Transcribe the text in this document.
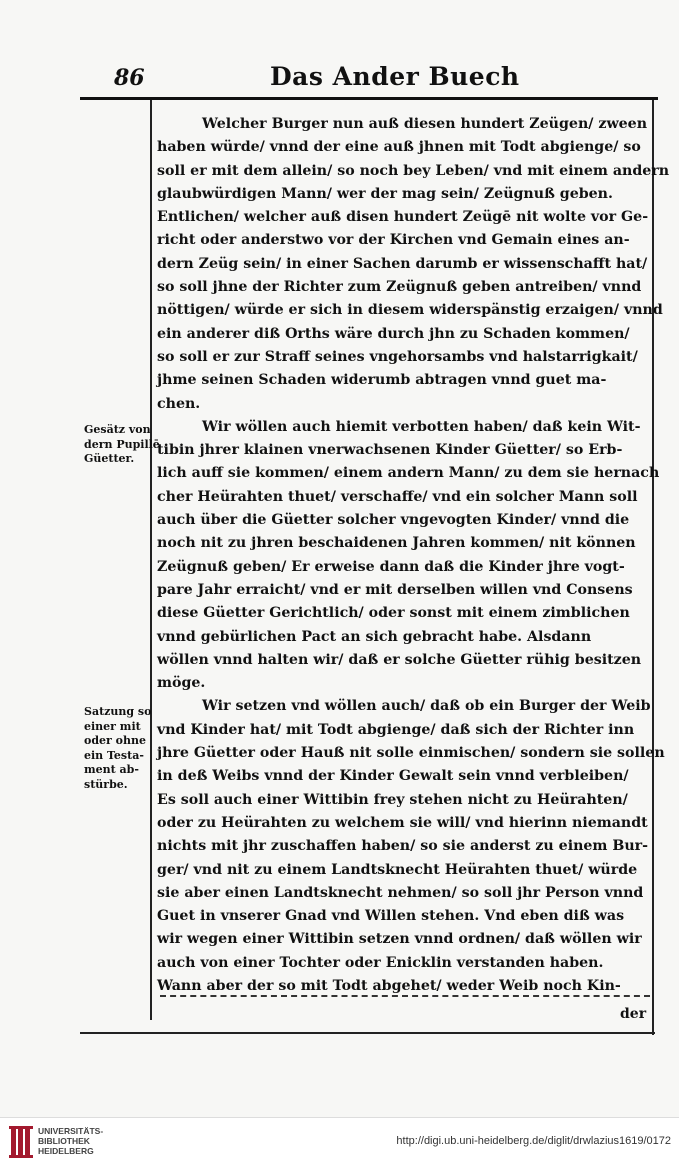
86	Das Ander Buech
Gesätz von
dern Pupillē
Güetter.
Satzung so
einer mit
oder ohne
ein Testa-
ment ab-
stürbe.
Welcher Burger nun auß diesen hundert Zeügen/ zween
haben würde/ vnnd der eine auß jhnen mit Todt abgienge/ so
soll er mit dem allein/ so noch bey Leben/ vnd mit einem andern
glaubwürdigen Mann/ wer der mag sein/ Zeügnuß geben.
Entlichen/ welcher auß disen hundert Zeügē nit wolte vor Ge-
richt oder anderstwo vor der Kirchen vnd Gemain eines an-
dern Zeüg sein/ in einer Sachen darumb er wissenschafft hat/
so soll jhne der Richter zum Zeügnuß geben antreiben/ vnnd
nöttigen/ würde er sich in diesem widerspänstig erzaigen/ vnnd
ein anderer diß Orths wäre durch jhn zu Schaden kommen/
so soll er zur Straff seines vngehorsambs vnd halstarrigkait/
jhme seinen Schaden widerumb abtragen vnnd guet ma-
chen.
Wir wöllen auch hiemit verbotten haben/ daß kein Wit-
tibin jhrer klainen vnerwachsenen Kinder Güetter/ so Erb-
lich auff sie kommen/ einem andern Mann/ zu dem sie hernach
cher Heürahten thuet/ verschaffe/ vnd ein solcher Mann soll
auch über die Güetter solcher vngevogten Kinder/ vnnd die
noch nit zu jhren beschaidenen Jahren kommen/ nit können
Zeügnuß geben/ Er erweise dann daß die Kinder jhre vogt-
pare Jahr erraicht/ vnd er mit derselben willen vnd Consens
diese Güetter Gerichtlich/ oder sonst mit einem zimblichen
vnnd gebürlichen Pact an sich gebracht habe. Alsdann
wöllen vnnd halten wir/ daß er solche Güetter rühig besitzen
möge.
Wir setzen vnd wöllen auch/ daß ob ein Burger der Weib
vnd Kinder hat/ mit Todt abgienge/ daß sich der Richter inn
jhre Güetter oder Hauß nit solle einmischen/ sondern sie sollen
in deß Weibs vnnd der Kinder Gewalt sein vnnd verbleiben/
Es soll auch einer Wittibin frey stehen nicht zu Heürahten/
oder zu Heürahten zu welchem sie will/ vnd hierinn niemandt
nichts mit jhr zuschaffen haben/ so sie anderst zu einem Bur-
ger/ vnd nit zu einem Landtsknecht Heürahten thuet/ würde
sie aber einen Landtsknecht nehmen/ so soll jhr Person vnnd
Guet in vnserer Gnad vnd Willen stehen. Vnd eben diß was
wir wegen einer Wittibin setzen vnnd ordnen/ daß wöllen wir
auch von einer Tochter oder Enicklin verstanden haben.
Wann aber der so mit Todt abgehet/ weder Weib noch Kin-
der
UNIVERSITÄTS-
BIBLIOTHEK
HEIDELBERG
http://digi.ub.uni-heidelberg.de/diglit/drwlazius1619/0172
